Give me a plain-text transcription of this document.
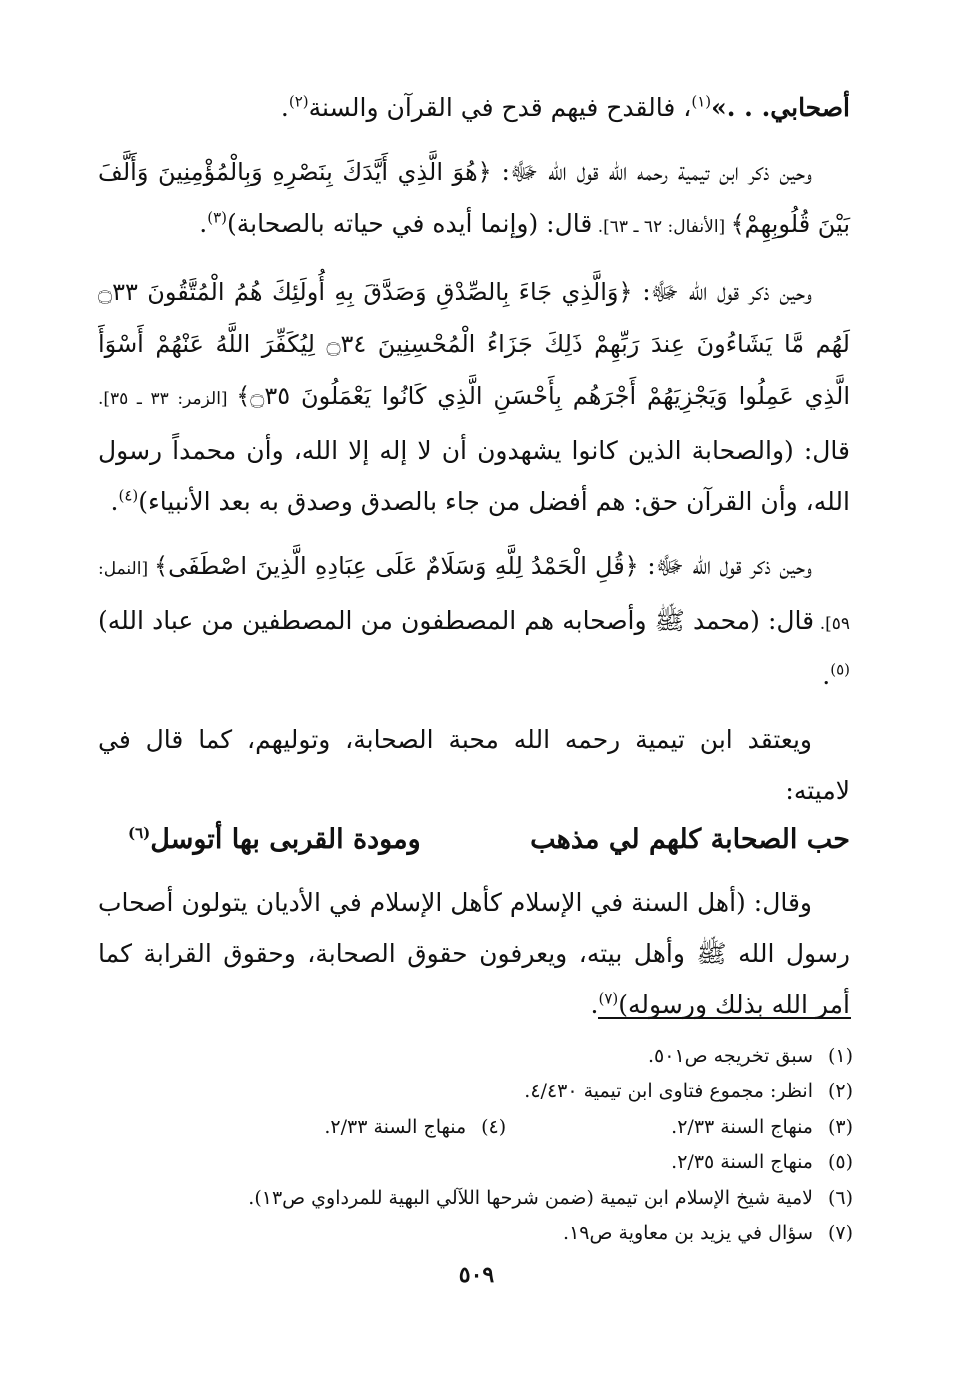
أصحابي. . .»$^{(١)}$، فالقدح فيهم قدح في القرآن والسنة$^{(٢)}$.

وحين ذكر ابن تيمية رحمه الله قول الله ﷻ: ﴿هُوَ الَّذِي أَيَّدَكَ بِنَصْرِهِ وَبِالْمُؤْمِنِينَ وَأَلَّفَ بَيْنَ قُلُوبِهِمْ﴾ [الأنفال: ٦٢ ـ ٦٣]. قال: (وإنما أيده في حياته بالصحابة)$^{(٣)}$.

وحين ذكر قول الله ﷻ: ﴿وَالَّذِي جَاءَ بِالصِّدْقِ وَصَدَّقَ بِهِ أُولَئِكَ هُمُ الْمُتَّقُونَ ۝٣٣ لَهُم مَّا يَشَاءُونَ عِندَ رَبِّهِمْ ذَلِكَ جَزَاءُ الْمُحْسِنِينَ ۝٣٤ لِيُكَفِّرَ اللَّهُ عَنْهُمْ أَسْوَأَ الَّذِي عَمِلُوا وَيَجْزِيَهُمْ أَجْرَهُم بِأَحْسَنِ الَّذِي كَانُوا يَعْمَلُونَ ۝٣٥﴾ [الزمر: ٣٣ ـ ٣٥]. قال: (والصحابة الذين كانوا يشهدون أن لا إله إلا الله، وأن محمداً رسول الله، وأن القرآن حق: هم أفضل من جاء بالصدق وصدق به بعد الأنبياء)$^{(٤)}$.

وحين ذكر قول الله ﷻ: ﴿قُلِ الْحَمْدُ لِلَّهِ وَسَلَامٌ عَلَى عِبَادِهِ الَّذِينَ اصْطَفَى﴾ [النمل: ٥٩]. قال: (محمد ﷺ وأصحابه هم المصطفون من المصطفين من عباد الله)$^{(٥)}$.

ويعتقد ابن تيمية رحمه الله محبة الصحابة، وتوليهم، كما قال في لاميته:

حب الصحابة كلهم لي مذهب
ومودة القربى بها أتوسل$^{(٦)}$

وقال: (أهل السنة في الإسلام كأهل الإسلام في الأديان يتولون أصحاب رسول الله ﷺ وأهل بيته، ويعرفون حقوق الصحابة، وحقوق القرابة كما أمر الله بذلك ورسوله)$^{(٧)}$.

(١)
سبق تخريجه ص٥٠١.
(٢)
انظر: مجموع فتاوى ابن تيمية ٤/٤٣٠.
(٣)
منهاج السنة ٢/٣٣.
(٤)
منهاج السنة ٢/٣٣.
(٥)
منهاج السنة ٢/٣٥.
(٦)
لامية شيخ الإسلام ابن تيمية (ضمن شرحها اللآلي البهية للمرداوي ص١٣).
(٧)
سؤال في يزيد بن معاوية ص١٩.
٥٠٩
